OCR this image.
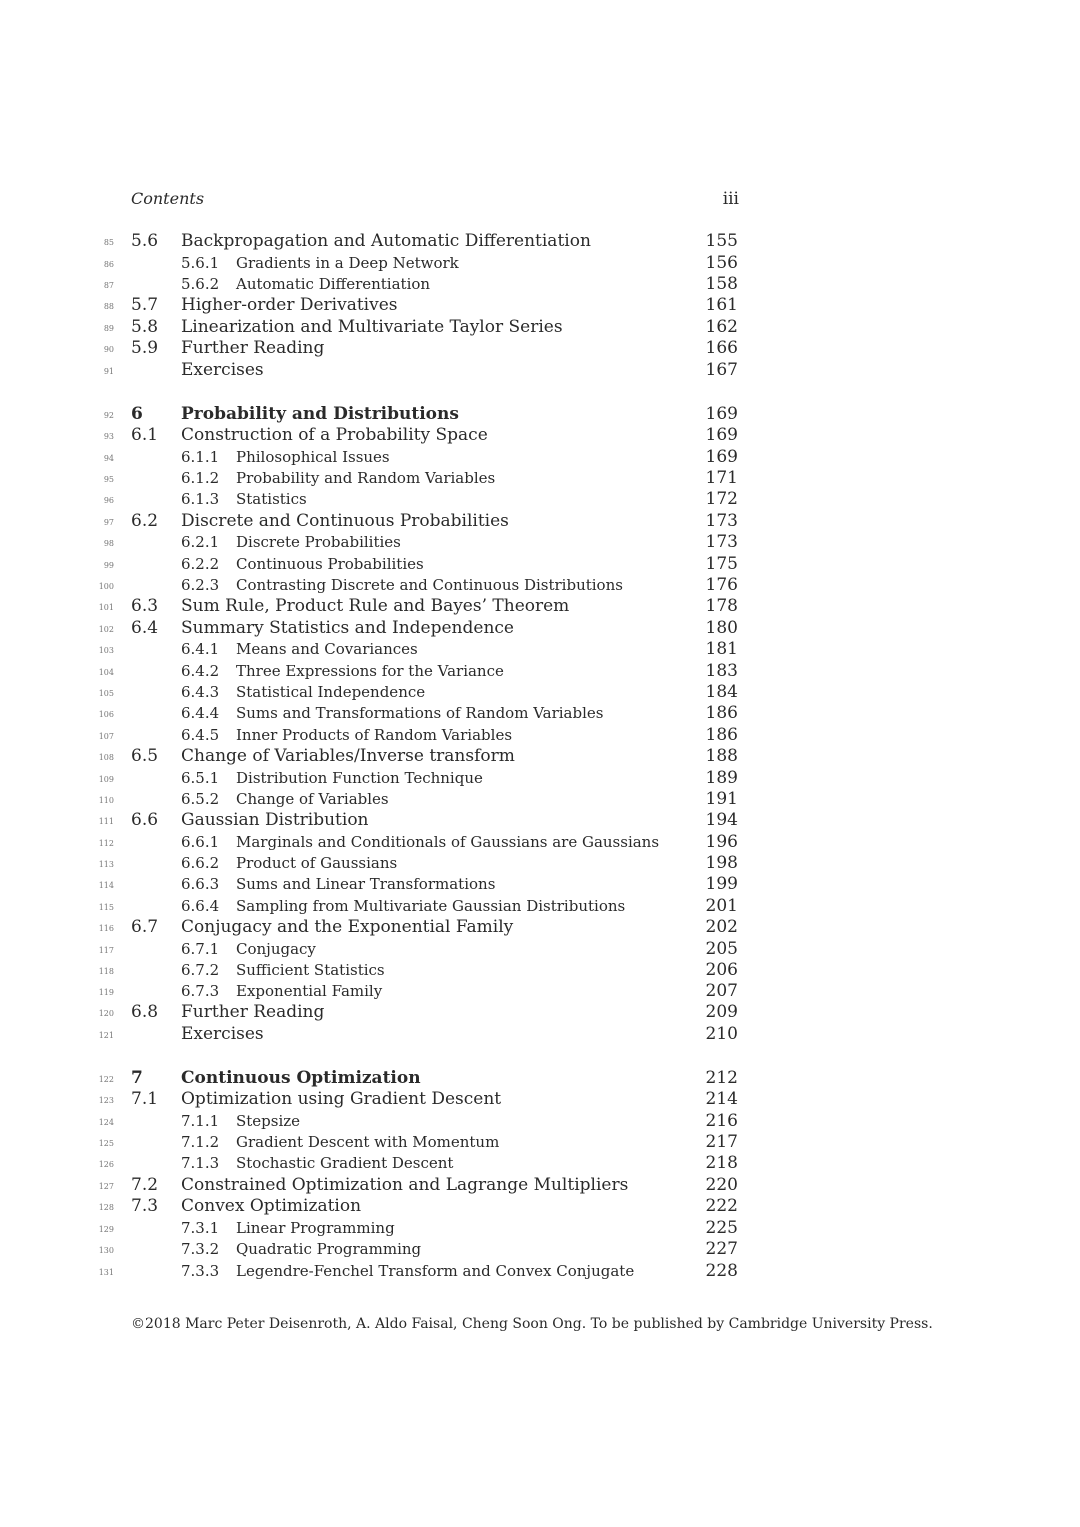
Contents	iii
85 5.6 Backpropagation and Automatic Differentiation	155
86	5.6.1 Gradients in a Deep Network	156
87	5.6.2 Automatic Differentiation	158
88 5.7 Higher-order Derivatives	161
89 5.8 Linearization and Multivariate Taylor Series	162
90 5.9 Further Reading	166
91	Exercises	167
92 6 Probability and Distributions	169
93 6.1 Construction of a Probability Space	169
94	6.1.1 Philosophical Issues	169
95	6.1.2 Probability and Random Variables	171
96	6.1.3 Statistics	172
97 6.2 Discrete and Continuous Probabilities	173
98	6.2.1 Discrete Probabilities	173
99	6.2.2 Continuous Probabilities	175
100	6.2.3 Contrasting Discrete and Continuous Distributions	176
101 6.3 Sum Rule, Product Rule and Bayes’ Theorem	178
102 6.4 Summary Statistics and Independence	180
103	6.4.1 Means and Covariances	181
104	6.4.2 Three Expressions for the Variance	183
105	6.4.3 Statistical Independence	184
106	6.4.4 Sums and Transformations of Random Variables	186
107	6.4.5 Inner Products of Random Variables	186
108 6.5 Change of Variables/Inverse transform	188
109	6.5.1 Distribution Function Technique	189
110	6.5.2 Change of Variables	191
111 6.6 Gaussian Distribution	194
112	6.6.1 Marginals and Conditionals of Gaussians are Gaussians	196
113	6.6.2 Product of Gaussians	198
114	6.6.3 Sums and Linear Transformations	199
115	6.6.4 Sampling from Multivariate Gaussian Distributions	201
116 6.7 Conjugacy and the Exponential Family	202
117	6.7.1 Conjugacy	205
118	6.7.2 Sufficient Statistics	206
119	6.7.3 Exponential Family	207
120 6.8 Further Reading	209
121	Exercises	210
122 7 Continuous Optimization	212
123 7.1 Optimization using Gradient Descent	214
124	7.1.1 Stepsize	216
125	7.1.2 Gradient Descent with Momentum	217
126	7.1.3 Stochastic Gradient Descent	218
127 7.2 Constrained Optimization and Lagrange Multipliers	220
128 7.3 Convex Optimization	222
129	7.3.1 Linear Programming	225
130	7.3.2 Quadratic Programming	227
131	7.3.3 Legendre-Fenchel Transform and Convex Conjugate	228
©2018 Marc Peter Deisenroth, A. Aldo Faisal, Cheng Soon Ong. To be published by Cambridge University Press.
